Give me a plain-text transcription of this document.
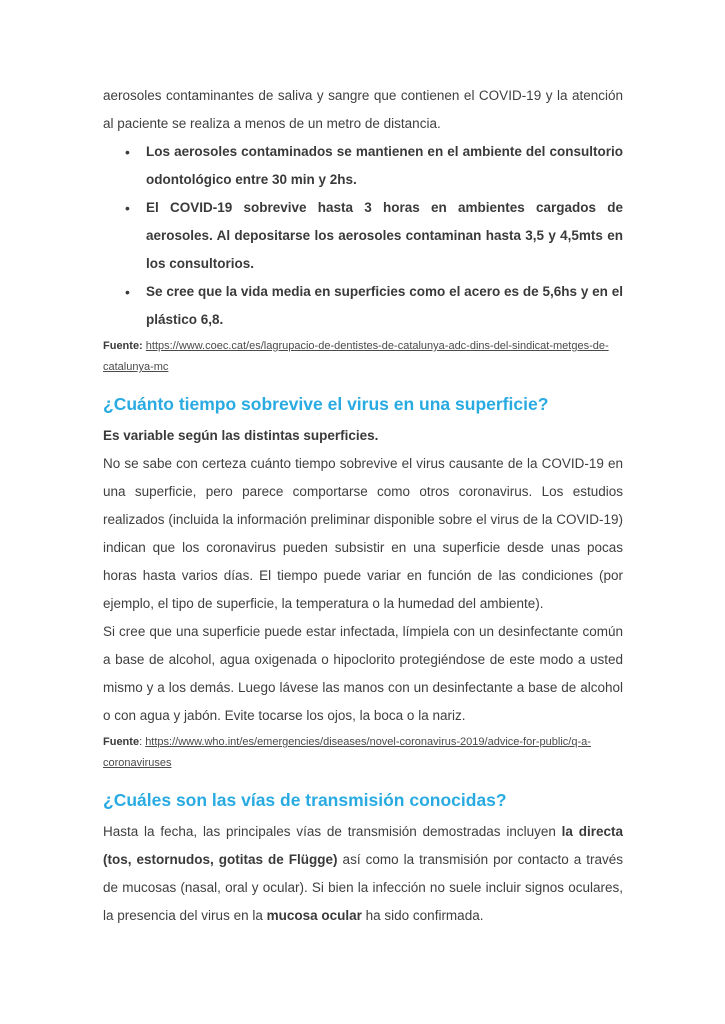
aerosoles contaminantes de saliva y sangre que contienen el COVID-19 y la atención al paciente se realiza a menos de un metro de distancia.

• Los aerosoles contaminados se mantienen en el ambiente del consultorio odontológico entre 30 min y 2hs.
• El COVID-19 sobrevive hasta 3 horas en ambientes cargados de aerosoles. Al depositarse los aerosoles contaminan hasta 3,5 y 4,5mts en los consultorios.
• Se cree que la vida media en superficies como el acero es de 5,6hs y en el plástico 6,8.

Fuente: https://www.coec.cat/es/lagrupacio-de-dentistes-de-catalunya-adc-dins-del-sindicat-metges-de-catalunya-mc

¿Cuánto tiempo sobrevive el virus en una superficie?

Es variable según las distintas superficies.

No se sabe con certeza cuánto tiempo sobrevive el virus causante de la COVID-19 en una superficie, pero parece comportarse como otros coronavirus. Los estudios realizados (incluida la información preliminar disponible sobre el virus de la COVID-19) indican que los coronavirus pueden subsistir en una superficie desde unas pocas horas hasta varios días. El tiempo puede variar en función de las condiciones (por ejemplo, el tipo de superficie, la temperatura o la humedad del ambiente).

Si cree que una superficie puede estar infectada, límpiela con un desinfectante común a base de alcohol, agua oxigenada o hipoclorito protegiéndose de este modo a usted mismo y a los demás. Luego lávese las manos con un desinfectante a base de alcohol o con agua y jabón. Evite tocarse los ojos, la boca o la nariz.

Fuente: https://www.who.int/es/emergencies/diseases/novel-coronavirus-2019/advice-for-public/q-a-coronaviruses

¿Cuáles son las vías de transmisión conocidas?

Hasta la fecha, las principales vías de transmisión demostradas incluyen la directa (tos, estornudos, gotitas de Flügge) así como la transmisión por contacto a través de mucosas (nasal, oral y ocular). Si bien la infección no suele incluir signos oculares, la presencia del virus en la mucosa ocular ha sido confirmada.
